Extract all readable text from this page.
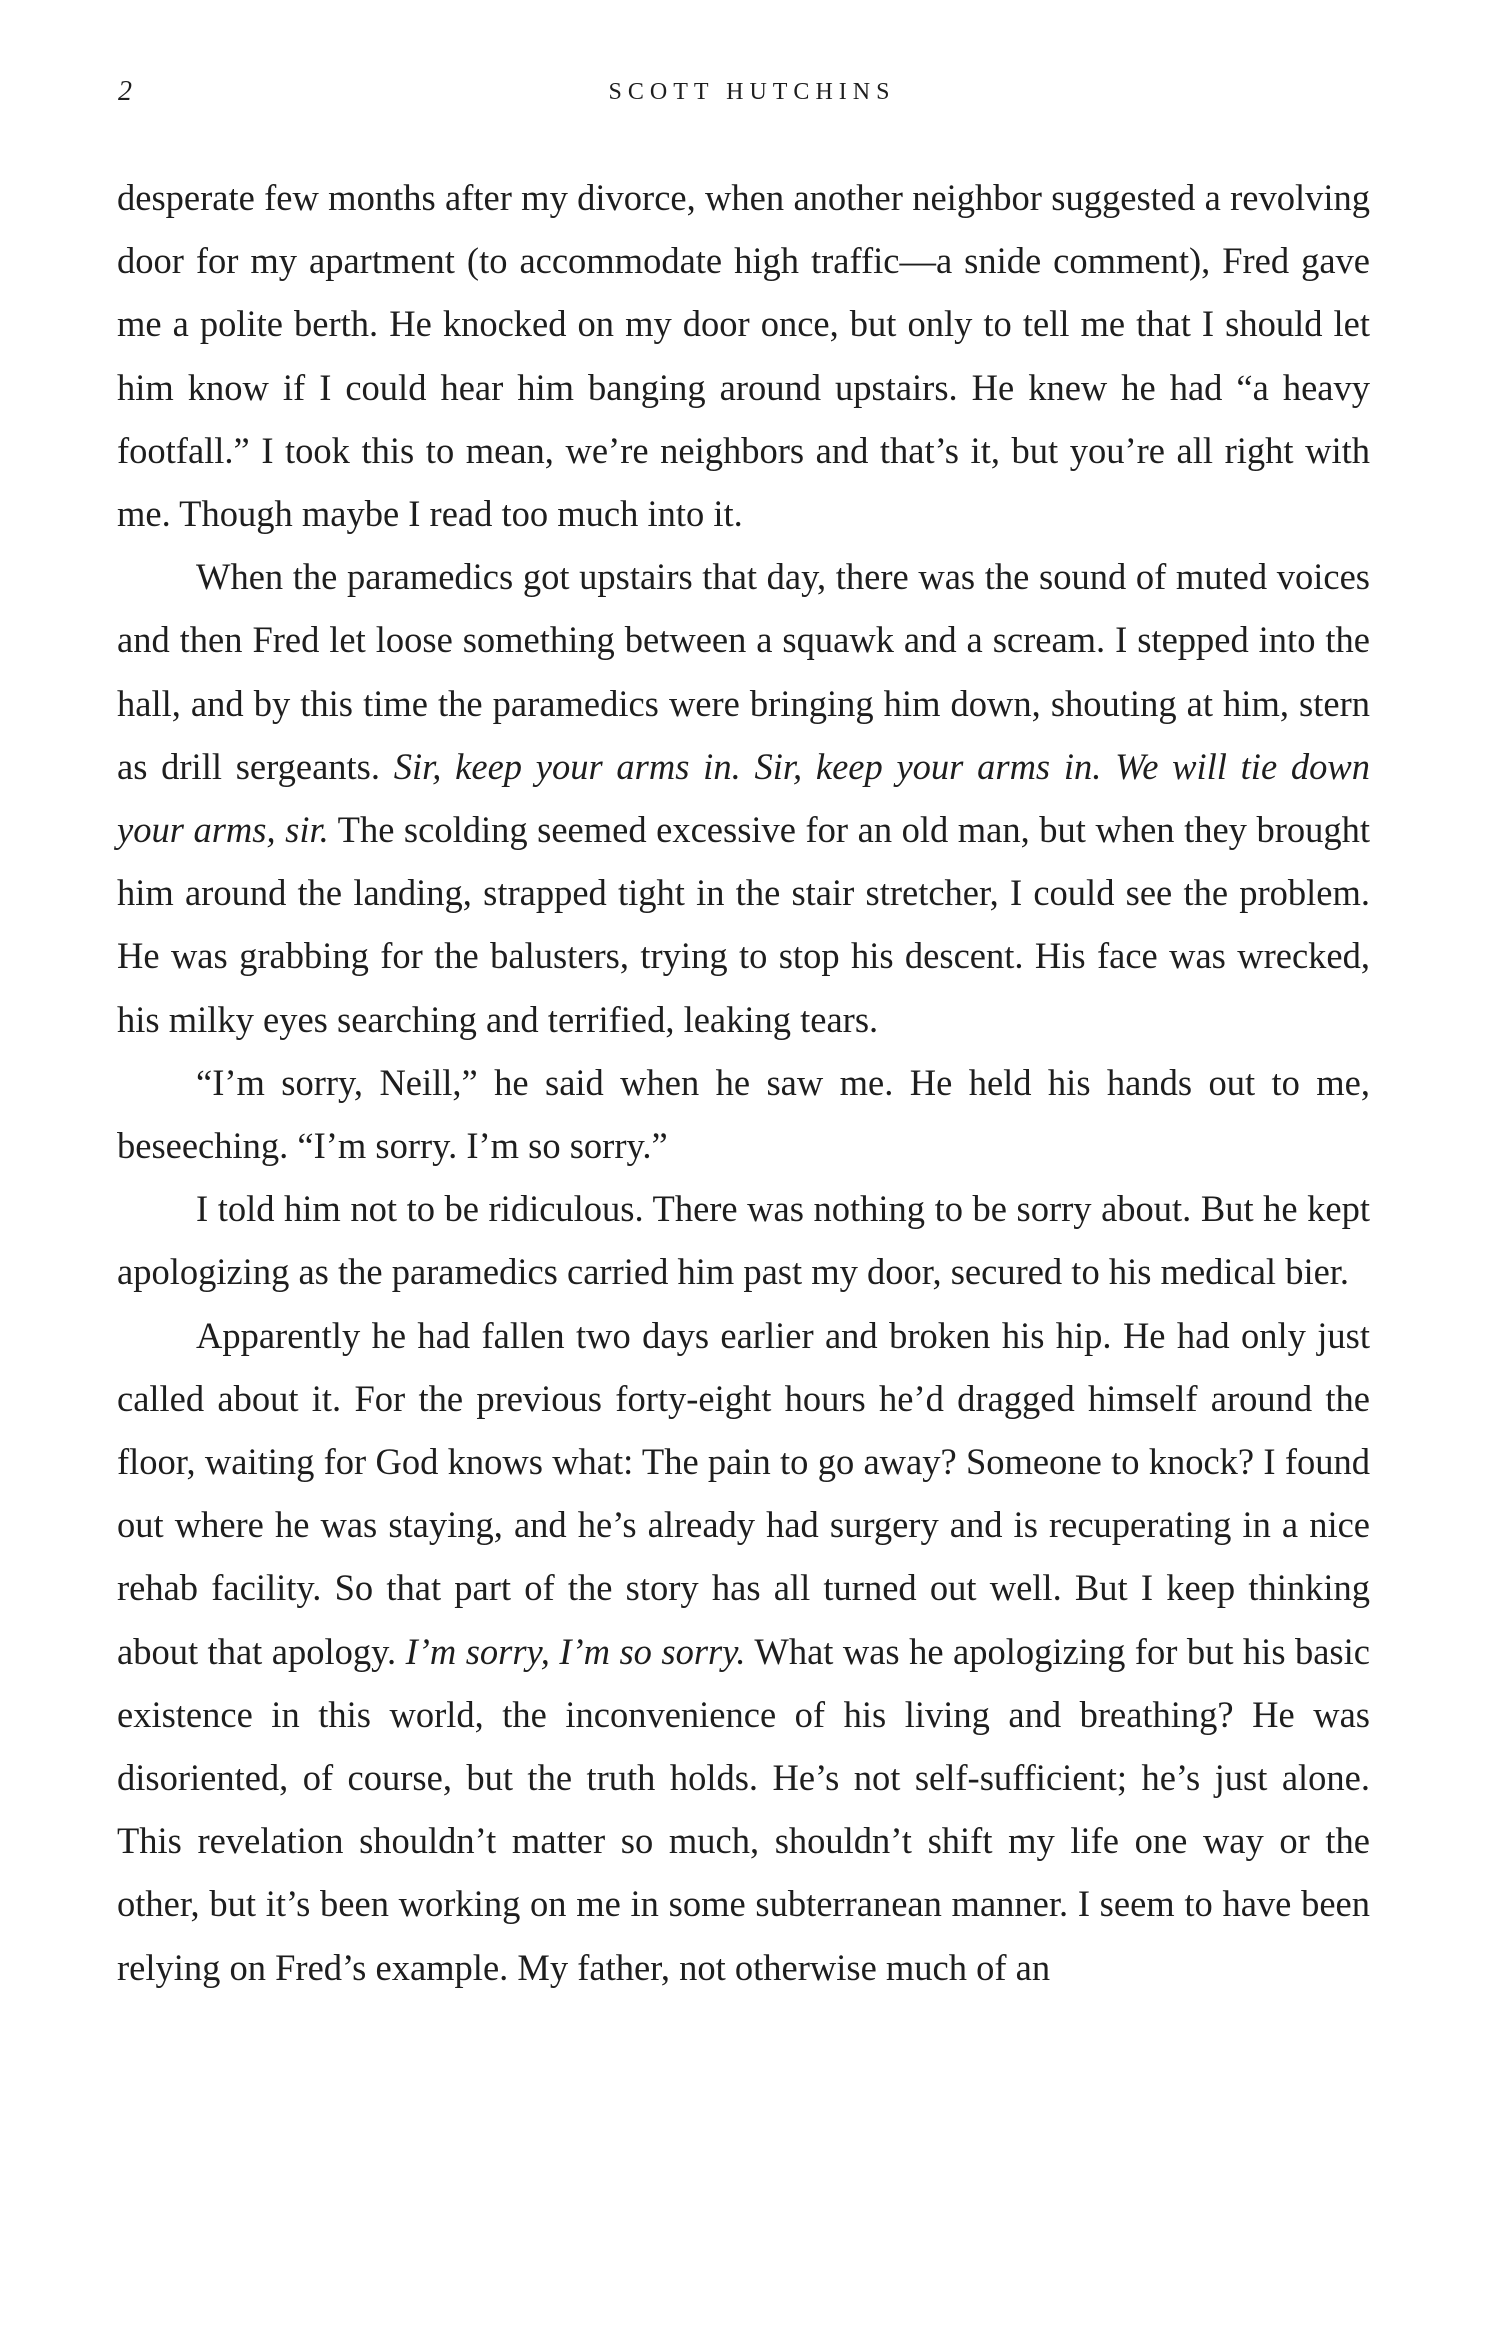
2	SCOTT HUTCHINS

desperate few months after my divorce, when another neighbor suggested a revolving door for my apartment (to accommodate high traffic—a snide comment), Fred gave me a polite berth. He knocked on my door once, but only to tell me that I should let him know if I could hear him banging around upstairs. He knew he had “a heavy footfall.” I took this to mean, we’re neighbors and that’s it, but you’re all right with me. Though maybe I read too much into it.

When the paramedics got upstairs that day, there was the sound of muted voices and then Fred let loose something between a squawk and a scream. I stepped into the hall, and by this time the paramedics were bringing him down, shouting at him, stern as drill sergeants. Sir, keep your arms in. Sir, keep your arms in. We will tie down your arms, sir. The scolding seemed excessive for an old man, but when they brought him around the landing, strapped tight in the stair stretcher, I could see the problem. He was grabbing for the balusters, trying to stop his descent. His face was wrecked, his milky eyes searching and terrified, leaking tears.

“I’m sorry, Neill,” he said when he saw me. He held his hands out to me, beseeching. “I’m sorry. I’m so sorry.”

I told him not to be ridiculous. There was nothing to be sorry about. But he kept apologizing as the paramedics carried him past my door, secured to his medical bier.

Apparently he had fallen two days earlier and broken his hip. He had only just called about it. For the previous forty-eight hours he’d dragged himself around the floor, waiting for God knows what: The pain to go away? Someone to knock? I found out where he was staying, and he’s already had surgery and is recuperating in a nice rehab facility. So that part of the story has all turned out well. But I keep thinking about that apology. I’m sorry, I’m so sorry. What was he apologizing for but his basic existence in this world, the inconvenience of his living and breathing? He was disoriented, of course, but the truth holds. He’s not self-sufficient; he’s just alone. This revelation shouldn’t matter so much, shouldn’t shift my life one way or the other, but it’s been working on me in some subterranean manner. I seem to have been relying on Fred’s example. My father, not otherwise much of an
